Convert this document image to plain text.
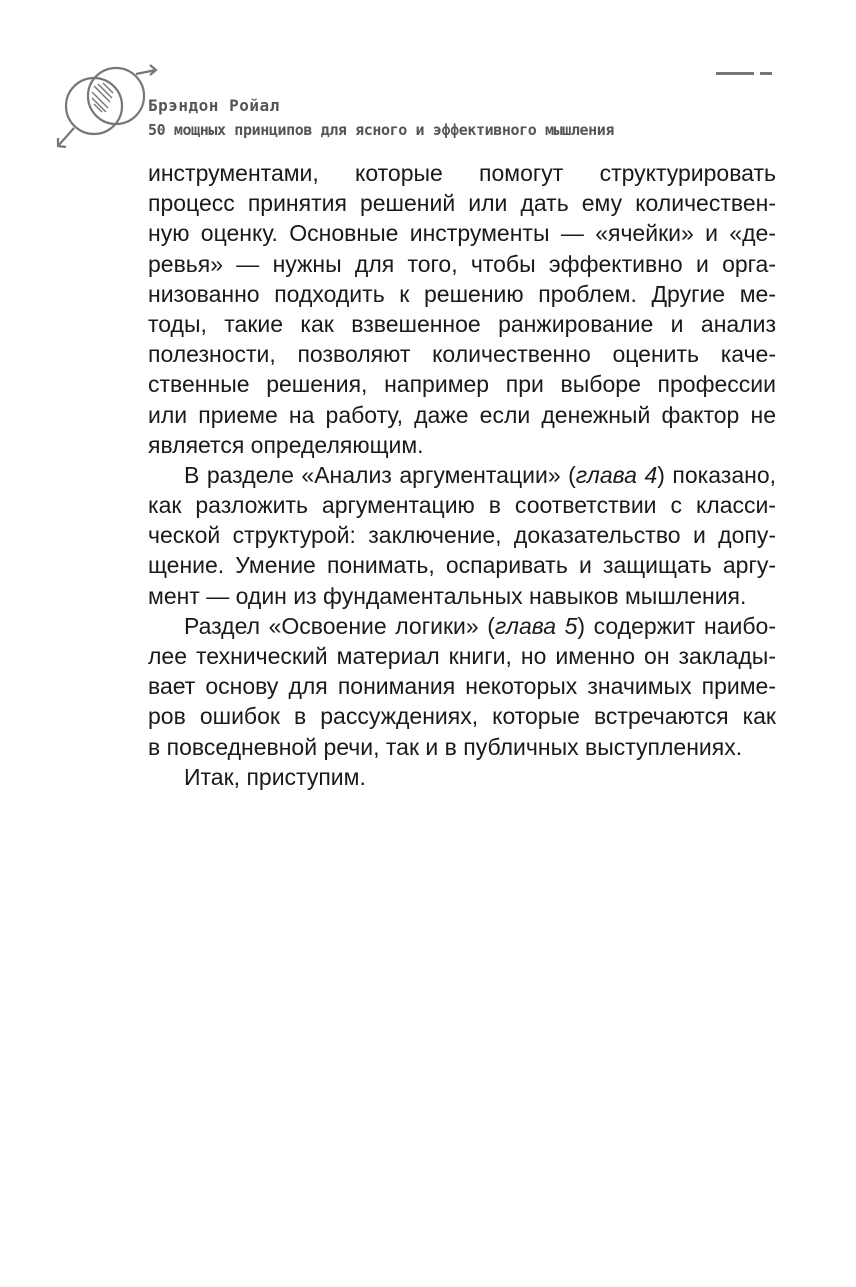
Брэндон Ройал
50 мощных принципов для ясного и эффективного мышления
инструментами, которые помогут структурировать
процесс принятия решений или дать ему количествен-
ную оценку. Основные инструменты — «ячейки» и «де-
ревья» — нужны для того, чтобы эффективно и орга-
низованно подходить к решению проблем. Другие ме-
тоды, такие как взвешенное ранжирование и анализ
полезности, позволяют количественно оценить каче-
ственные решения, например при выборе профессии
или приеме на работу, даже если денежный фактор не
является определяющим.
В разделе «Анализ аргументации» (глава 4) показано,
как разложить аргументацию в соответствии с класси-
ческой структурой: заключение, доказательство и допу-
щение. Умение понимать, оспаривать и защищать аргу-
мент — один из фундаментальных навыков мышления.
Раздел «Освоение логики» (глава 5) содержит наибо-
лее технический материал книги, но именно он заклады-
вает основу для понимания некоторых значимых приме-
ров ошибок в рассуждениях, которые встречаются как
в повседневной речи, так и в публичных выступлениях.
Итак, приступим.
